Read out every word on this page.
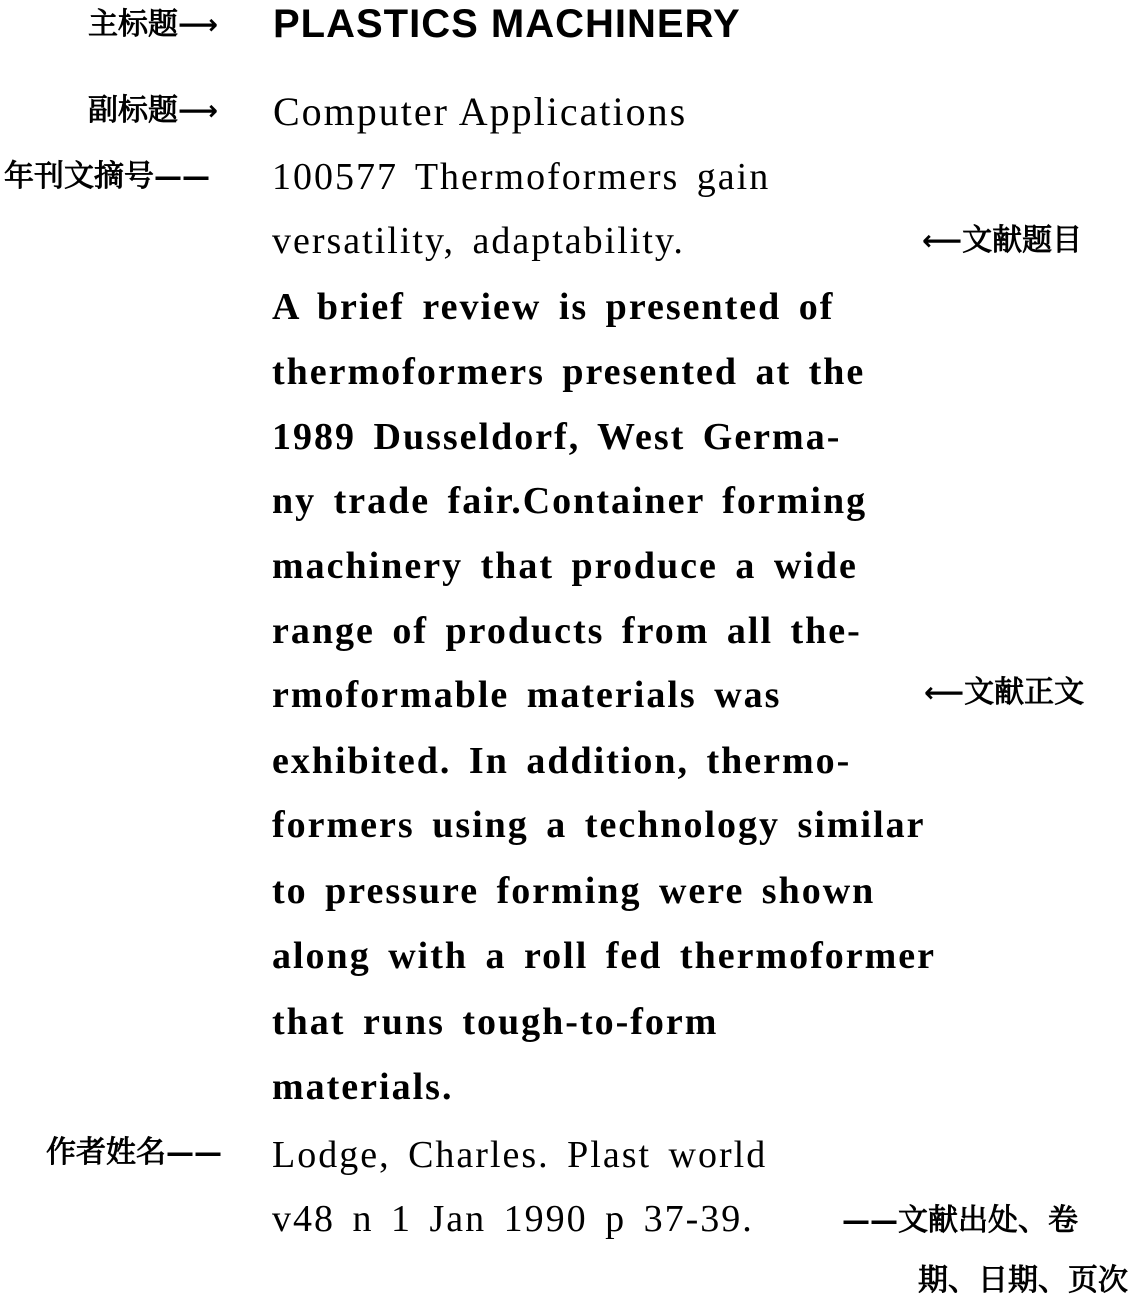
主标题⟶
副标题⟶
年刊文摘号——
作者姓名——
PLASTICS MACHINERY
Computer Applications
100577 Thermoformers gain
versatility, adaptability.
A brief review is presented of
thermoformers presented at the
1989 Dusseldorf, West Germa-
ny trade fair.Container forming
machinery that produce a wide
range of products from all the-
rmoformable materials was
exhibited. In addition, thermo-
formers using a technology similar
to pressure forming were shown
along with a roll fed thermoformer
that runs tough-to-form
materials.
Lodge, Charles. Plast world
v48 n 1 Jan 1990 p 37-39.
⟵文献题目
⟵文献正文
——文献出处、卷
期、日期、页次
